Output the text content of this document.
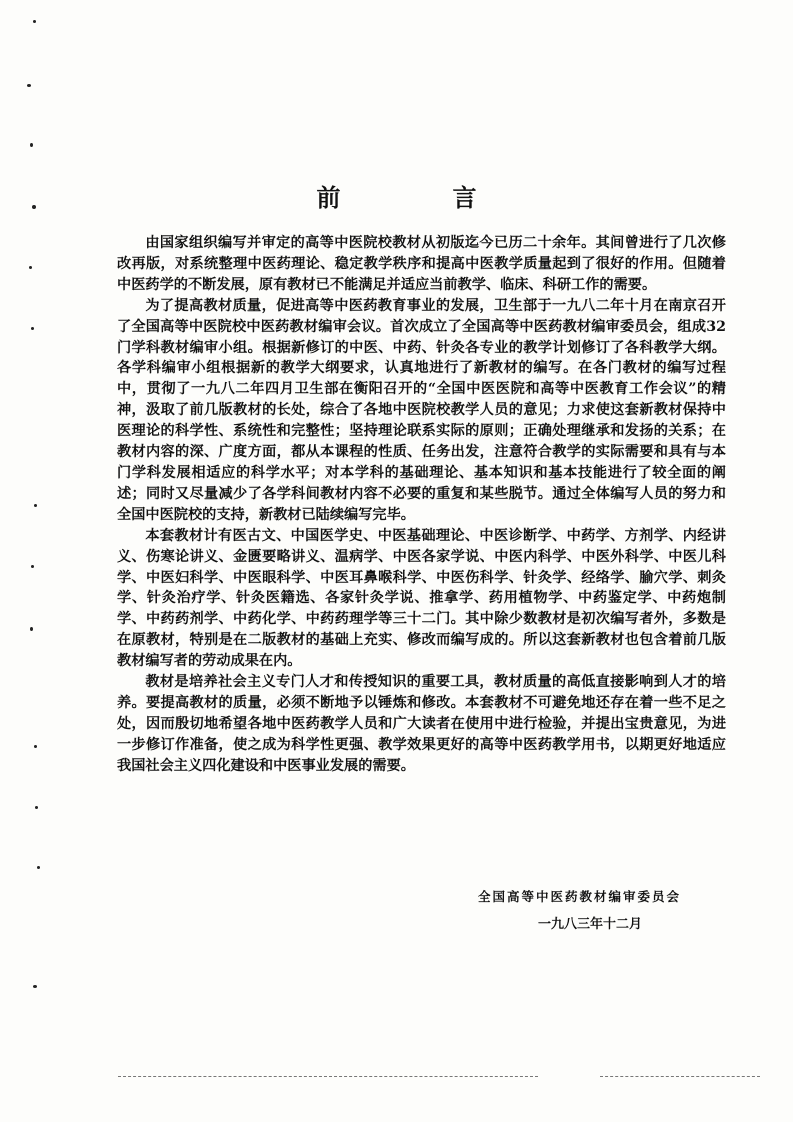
前　言

由国家组织编写并审定的高等中医院校教材从初版迄今已历二十余年。其间曾进行了几次修改再版，对系统整理中医药理论、稳定教学秩序和提高中医教学质量起到了很好的作用。但随着中医药学的不断发展，原有教材已不能满足并适应当前教学、临床、科研工作的需要。

为了提高教材质量，促进高等中医药教育事业的发展，卫生部于一九八二年十月在南京召开了全国高等中医院校中医药教材编审会议。首次成立了全国高等中医药教材编审委员会，组成32门学科教材编审小组。根据新修订的中医、中药、针灸各专业的教学计划修订了各科教学大纲。各学科编审小组根据新的教学大纲要求，认真地进行了新教材的编写。在各门教材的编写过程中，贯彻了一九八二年四月卫生部在衡阳召开的“全国中医医院和高等中医教育工作会议”的精神，汲取了前几版教材的长处，综合了各地中医院校教学人员的意见；力求使这套新教材保持中医理论的科学性、系统性和完整性；坚持理论联系实际的原则；正确处理继承和发扬的关系；在教材内容的深、广度方面，都从本课程的性质、任务出发，注意符合教学的实际需要和具有与本门学科发展相适应的科学水平；对本学科的基础理论、基本知识和基本技能进行了较全面的阐述；同时又尽量减少了各学科间教材内容不必要的重复和某些脱节。通过全体编写人员的努力和全国中医院校的支持，新教材已陆续编写完毕。

本套教材计有医古文、中国医学史、中医基础理论、中医诊断学、中药学、方剂学、内经讲义、伤寒论讲义、金匮要略讲义、温病学、中医各家学说、中医内科学、中医外科学、中医儿科学、中医妇科学、中医眼科学、中医耳鼻喉科学、中医伤科学、针灸学、经络学、腧穴学、刺灸学、针灸治疗学、针灸医籍选、各家针灸学说、推拿学、药用植物学、中药鉴定学、中药炮制学、中药药剂学、中药化学、中药药理学等三十二门。其中除少数教材是初次编写者外，多数是在原教材，特别是在二版教材的基础上充实、修改而编写成的。所以这套新教材也包含着前几版教材编写者的劳动成果在内。

教材是培养社会主义专门人才和传授知识的重要工具，教材质量的高低直接影响到人才的培养。要提高教材的质量，必须不断地予以锤炼和修改。本套教材不可避免地还存在着一些不足之处，因而殷切地希望各地中医药教学人员和广大读者在使用中进行检验，并提出宝贵意见，为进一步修订作准备，使之成为科学性更强、教学效果更好的高等中医药教学用书，以期更好地适应我国社会主义四化建设和中医事业发展的需要。

全国高等中医药教材编审委员会
一九八三年十二月
